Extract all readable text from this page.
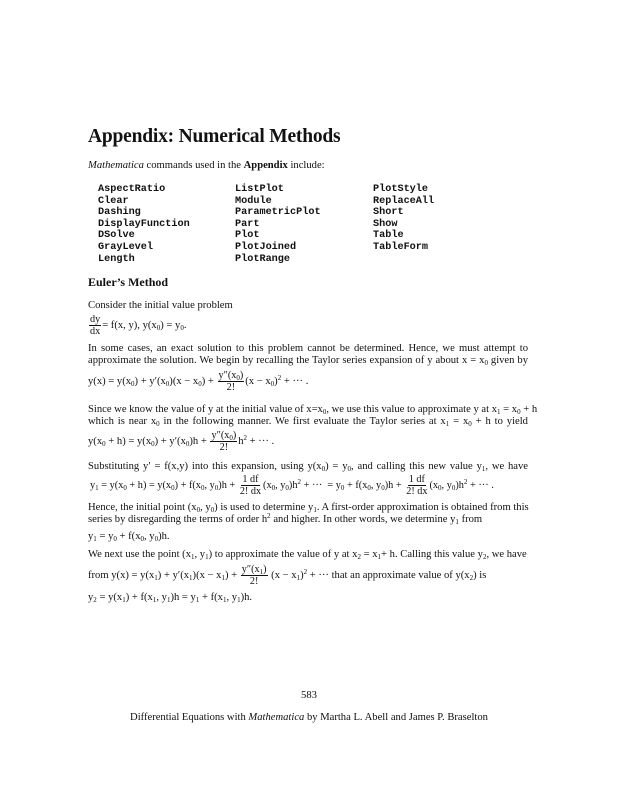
Appendix: Numerical Methods
Mathematica commands used in the Appendix include:
AspectRatio
Clear
Dashing
DisplayFunction
DSolve
GrayLevel
Length
ListPlot
Module
ParametricPlot
Part
Plot
PlotJoined
PlotRange
PlotStyle
ReplaceAll
Short
Show
Table
TableForm
Euler’s Method
Consider the initial value problem
$\frac{dy}{dx} = f(x$, y), $y(x_0) = y_0$.
In some cases, an exact solution to this problem cannot be determined. Hence, we must attempt to
approximate the solution. We begin by recalling the Taylor series expansion of y about $x = x_0$ given by
$y(x) = y(x_0) + y'(x_0)(x - x_0) + \frac{y''(x_0)}{2!} (x - x_0)^2$ + ··· .
Since we know the value of y at the initial value of $x=x_0$, we use this value to approximate y at $x_1 = x_0 + h$
which is near $x_0$ in the following manner. We first evaluate the Taylor series at $x_1 = x_0 + h$ to yield
$y(x_0 + h) = y(x_0) + y'(x_0)h + \frac{y''(x_0)}{2!} h^2$ + ··· .
Substituting y′ = f(x,y) into this expansion, using $y(x_0) = y_0$, and calling this new value $y_1$, we have
$y_1 = y(x_0 + h) = y(x_0) + f(x_0$, $y_0)h + \frac{1 df}{2! dx} (x_0$, $y_0)h^2$ + ···  = $y_0 + f(x_0$, $y_0)h + \frac{1 df}{2! dx} (x_0$, $y_0)h^2$ + ··· .
Hence, the initial point ($x_0$, $y_0$) is used to determine $y_1$. A first-order approximation is obtained from this
series by disregarding the terms of order $h^2$ and higher. In other words, we determine $y_1$ from
$y_1 = y_0 + f(x_0$, $y_0)h$.
We next use the point ($x_1$, $y_1$) to approximate the value of y at $x_2 = x_1+ h$. Calling this value $y_2$, we have
from $y(x) = y(x_1) + y'(x_1)(x - x_1) + \frac{y''(x_1)}{2!} (x - x_1)^2$ + ··· that an approximate value of $y(x_2)$ is
$y_2 = y(x_1) + f(x_1$, $y_1)h = y_1 + f(x_1$, $y_1)h$.
583
Differential Equations with Mathematica by Martha L. Abell and James P. Braselton
